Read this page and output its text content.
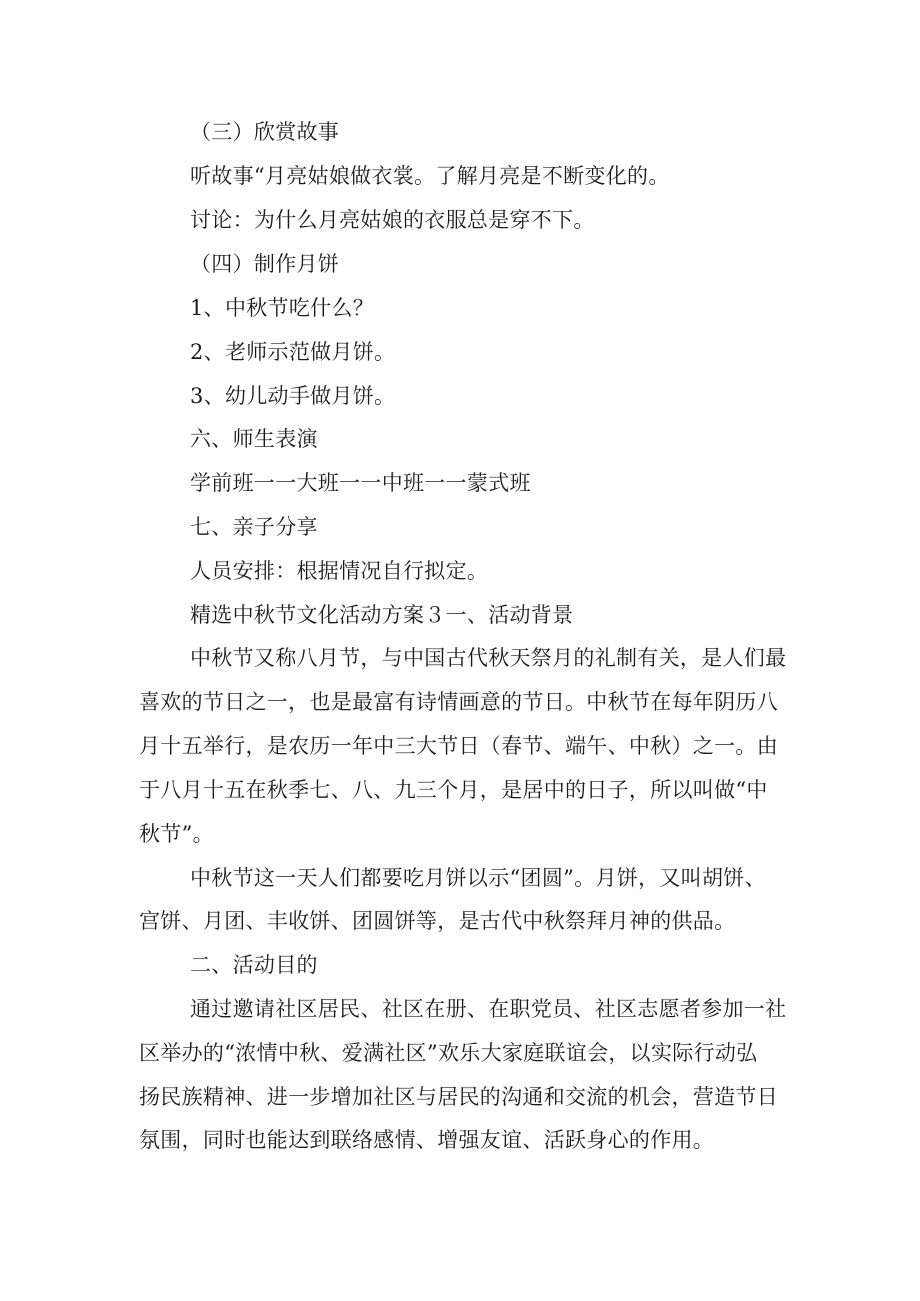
（三）欣赏故事
听故事“月亮姑娘做衣裳。了解月亮是不断变化的。
讨论：为什么月亮姑娘的衣服总是穿不下。
（四）制作月饼
1、中秋节吃什么？
2、老师示范做月饼。
3、幼儿动手做月饼。
六、师生表演
学前班一一大班一一中班一一蒙式班
七、亲子分享
人员安排：根据情况自行拟定。
精选中秋节文化活动方案３一、活动背景
中秋节又称八月节，与中国古代秋天祭月的礼制有关，是人们最
喜欢的节日之一，也是最富有诗情画意的节日。中秋节在每年阴历八
月十五举行，是农历一年中三大节日（春节、端午、中秋）之一。由
于八月十五在秋季七、八、九三个月，是居中的日子，所以叫做“中
秋节”。
中秋节这一天人们都要吃月饼以示“团圆”。月饼，又叫胡饼、
宫饼、月团、丰收饼、团圆饼等，是古代中秋祭拜月神的供品。
二、活动目的
通过邀请社区居民、社区在册、在职党员、社区志愿者参加一社
区举办的“浓情中秋、爱满社区”欢乐大家庭联谊会，以实际行动弘
扬民族精神、进一步增加社区与居民的沟通和交流的机会，营造节日
氛围，同时也能达到联络感情、增强友谊、活跃身心的作用。
